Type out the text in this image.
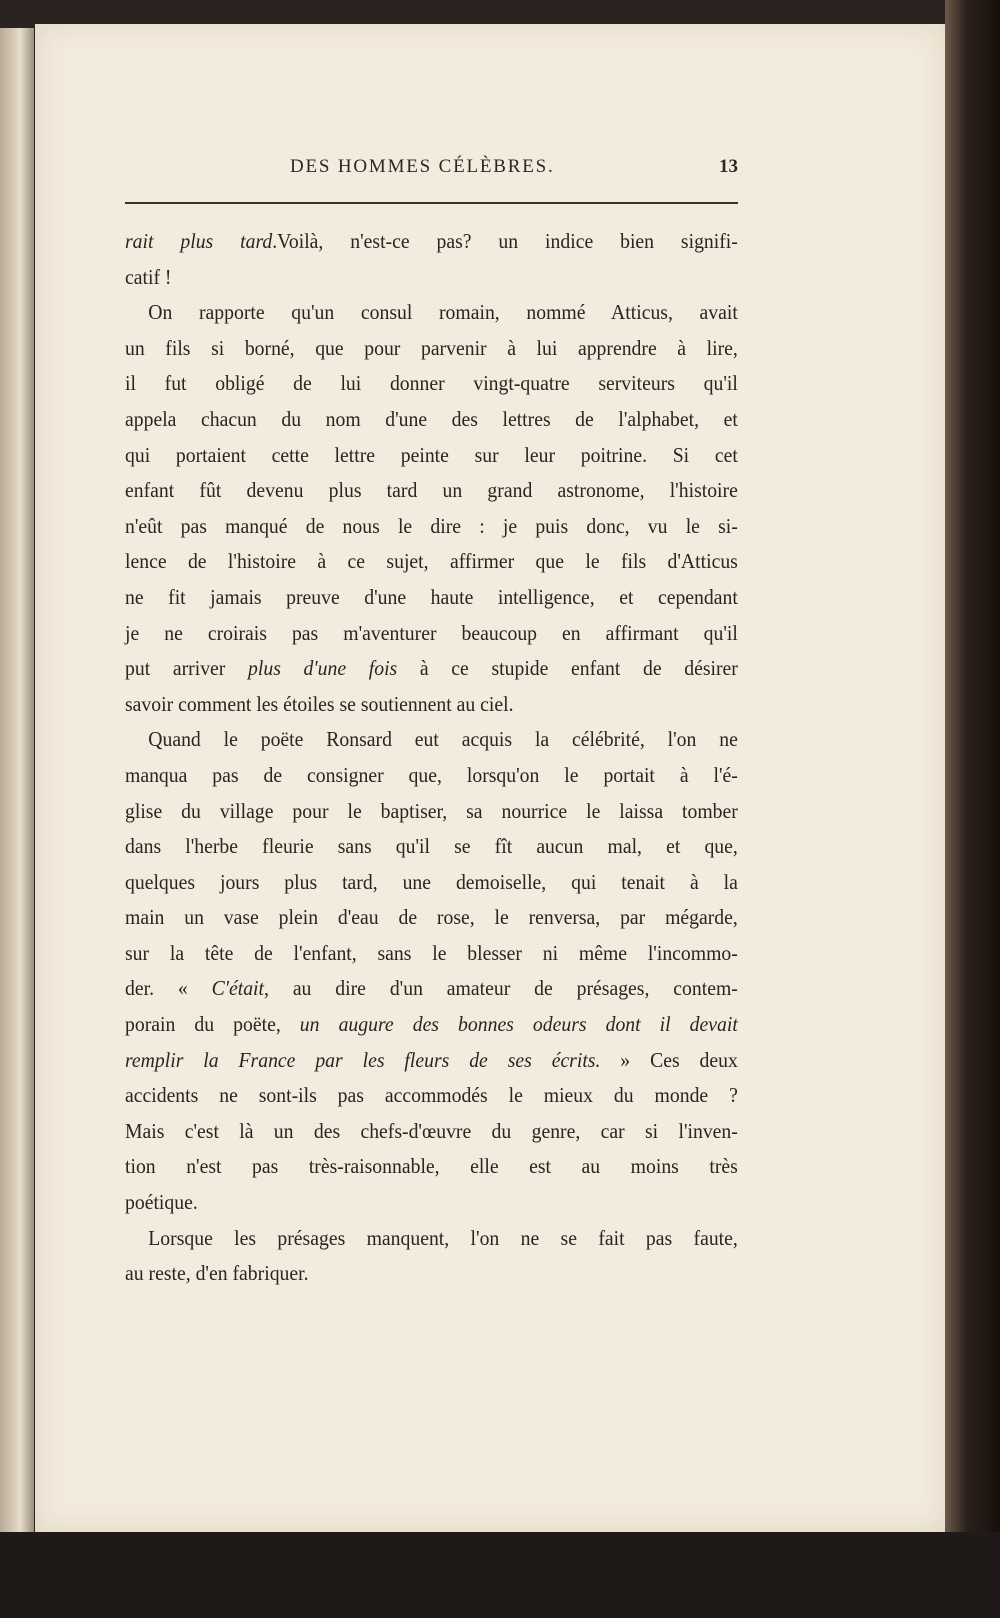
DES HOMMES CÉLÈBRES.	13
rait plus tard.Voilà, n'est-ce pas? un indice bien signifi-
catif !
On rapporte qu'un consul romain, nommé Atticus, avait
un fils si borné, que pour parvenir à lui apprendre à lire,
il fut obligé de lui donner vingt-quatre serviteurs qu'il
appela chacun du nom d'une des lettres de l'alphabet, et
qui portaient cette lettre peinte sur leur poitrine. Si cet
enfant fût devenu plus tard un grand astronome, l'histoire
n'eût pas manqué de nous le dire : je puis donc, vu le si-
lence de l'histoire à ce sujet, affirmer que le fils d'Atticus
ne fit jamais preuve d'une haute intelligence, et cependant
je ne croirais pas m'aventurer beaucoup en affirmant qu'il
put arriver plus d'une fois à ce stupide enfant de désirer
savoir comment les étoiles se soutiennent au ciel.
Quand le poëte Ronsard eut acquis la célébrité, l'on ne
manqua pas de consigner que, lorsqu'on le portait à l'é-
glise du village pour le baptiser, sa nourrice le laissa tomber
dans l'herbe fleurie sans qu'il se fît aucun mal, et que,
quelques jours plus tard, une demoiselle, qui tenait à la
main un vase plein d'eau de rose, le renversa, par mégarde,
sur la tête de l'enfant, sans le blesser ni même l'incommo-
der. « C'était, au dire d'un amateur de présages, contem-
porain du poëte, un augure des bonnes odeurs dont il devait
remplir la France par les fleurs de ses écrits. » Ces deux
accidents ne sont-ils pas accommodés le mieux du monde ?
Mais c'est là un des chefs-d'œuvre du genre, car si l'inven-
tion n'est pas très-raisonnable, elle est au moins très
poétique.
Lorsque les présages manquent, l'on ne se fait pas faute,
au reste, d'en fabriquer.
